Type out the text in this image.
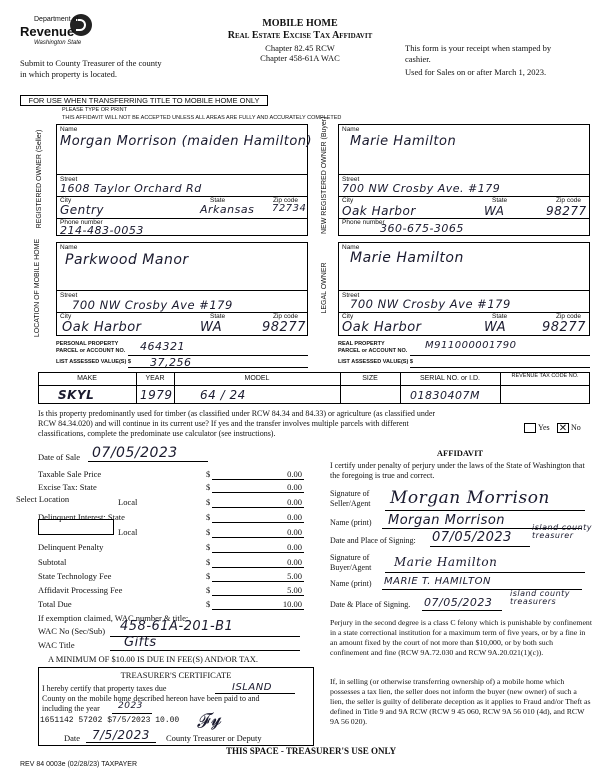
Department of
Revenue
Washington State
MOBILE HOME
Real Estate Excise Tax Affidavit
Chapter 82.45 RCW
Chapter 458-61A WAC
Submit to County Treasurer of the county
in which property is located.
This form is your receipt when stamped by
cashier.
Used for Sales on or after March 1, 2023.
FOR USE WHEN TRANSFERRING TITLE TO MOBILE HOME ONLY
PLEASE TYPE OR PRINT
THIS AFFIDAVIT WILL NOT BE ACCEPTED UNLESS ALL AREAS ARE FULLY AND ACCURATELY COMPLETED
REGISTERED OWNER (Seller)
Name
Morgan Morrison (maiden Hamilton)
Street
1608 Taylor Orchard Rd
City	State	Zip code
Gentry	Arkansas 72734
Phone number
214-483-0053	NEW REGISTERED OWNER (Buyer) Name
Marie Hamilton
Street
700 NW Crosby Ave. #179
City	State	Zip code
Oak Harbor	WA	98277
Phone number
360-675-3065
LOCATION OF MOBILE HOME	Name
Parkwood Manor
Street
700 NW Crosby Ave #179
City	State	Zip code
Oak Harbor	WA	98277
LEGAL OWNER
Name
Marie Hamilton
Street
700 NW Crosby Ave #179
City	State	Zip code
Oak Harbor	WA	98277
PERSONAL PROPERTY
PARCEL or ACCOUNT NO. 464321
LIST ASSESSED VALUE(S) $ 37,256
REAL PROPERTY
PARCEL or ACCOUNT NO. M911000001790
LIST ASSESSED VALUE(S) $
MAKE	YEAR	MODEL	SIZE	SERIAL NO. or I.D.	REVENUE TAX CODE NO.
SKYL	1979 64 / 24	01830407M
Is this property predominantly used for timber (as classified under RCW 84.34 and 84.33) or agriculture (as classified under
RCW 84.34.020) and will continue in its current use? If yes and the transfer involves multiple parcels with different
classifications, complete the predominate use calculator (see instructions).
Yes ✕ No
Date of Sale 07/05/2023
Taxable Sale Price	$	0.00
Excise Tax: State	$	0.00
Local	$	0.00
Delinquent Interest: State	$	0.00
Local	$	0.00
Delinquent Penalty	$	0.00
Subtotal	$	0.00
State Technology Fee	$	5.00
Affidavit Processing Fee	$	5.00
Total Due	$	10.00
Select Location
If exemption claimed, WAC number & title:
WAC No (Sec/Sub) 458-61A-201-B1
WAC Title	Gifts
A MINIMUM OF $10.00 IS DUE IN FEE(S) AND/OR TAX.
TREASURER'S CERTIFICATE
I hereby certify that property taxes due	ISLAND
County on the mobile home described hereon have been paid to and
including the year 2023
1651142 57202 $7/5/2023 10.00 𝓕𝔂
Date 7/5/2023 County Treasurer or Deputy
THIS SPACE - TREASURER'S USE ONLY
REV 84 0003e (02/28/23) TAXPAYER
AFFIDAVIT
I certify under penalty of perjury under the laws of the State of Washington that the foregoing is true and correct.
Signature of Seller/Agent	Morgan Morrison
Name (print) Morgan Morrison
Date and Place of Signing: 07/05/2023
island county treasurer
Signature of Buyer/Agent	Marie Hamilton
Name (print) MARIE T. HAMILTON
Date & Place of Signing. 07/05/2023
island county treasurers
Perjury in the second degree is a class C felony which is punishable by confinement in a state correctional institution for a maximum term of five years, or by a fine in an amount fixed by the court of not more than $10,000, or by both such confinement and fine (RCW 9A.72.030 and RCW 9A.20.021(1)(c)).
If, in selling (or otherwise transferring ownership of) a mobile home which possesses a tax lien, the seller does not inform the buyer (new owner) of such a lien, the seller is guilty of deliberate deception as it applies to Fraud and/or Theft as defined in Title 9 and 9A RCW (RCW 9 45 060, RCW 9A 56 010 (4d), and RCW 9A 56 020).
